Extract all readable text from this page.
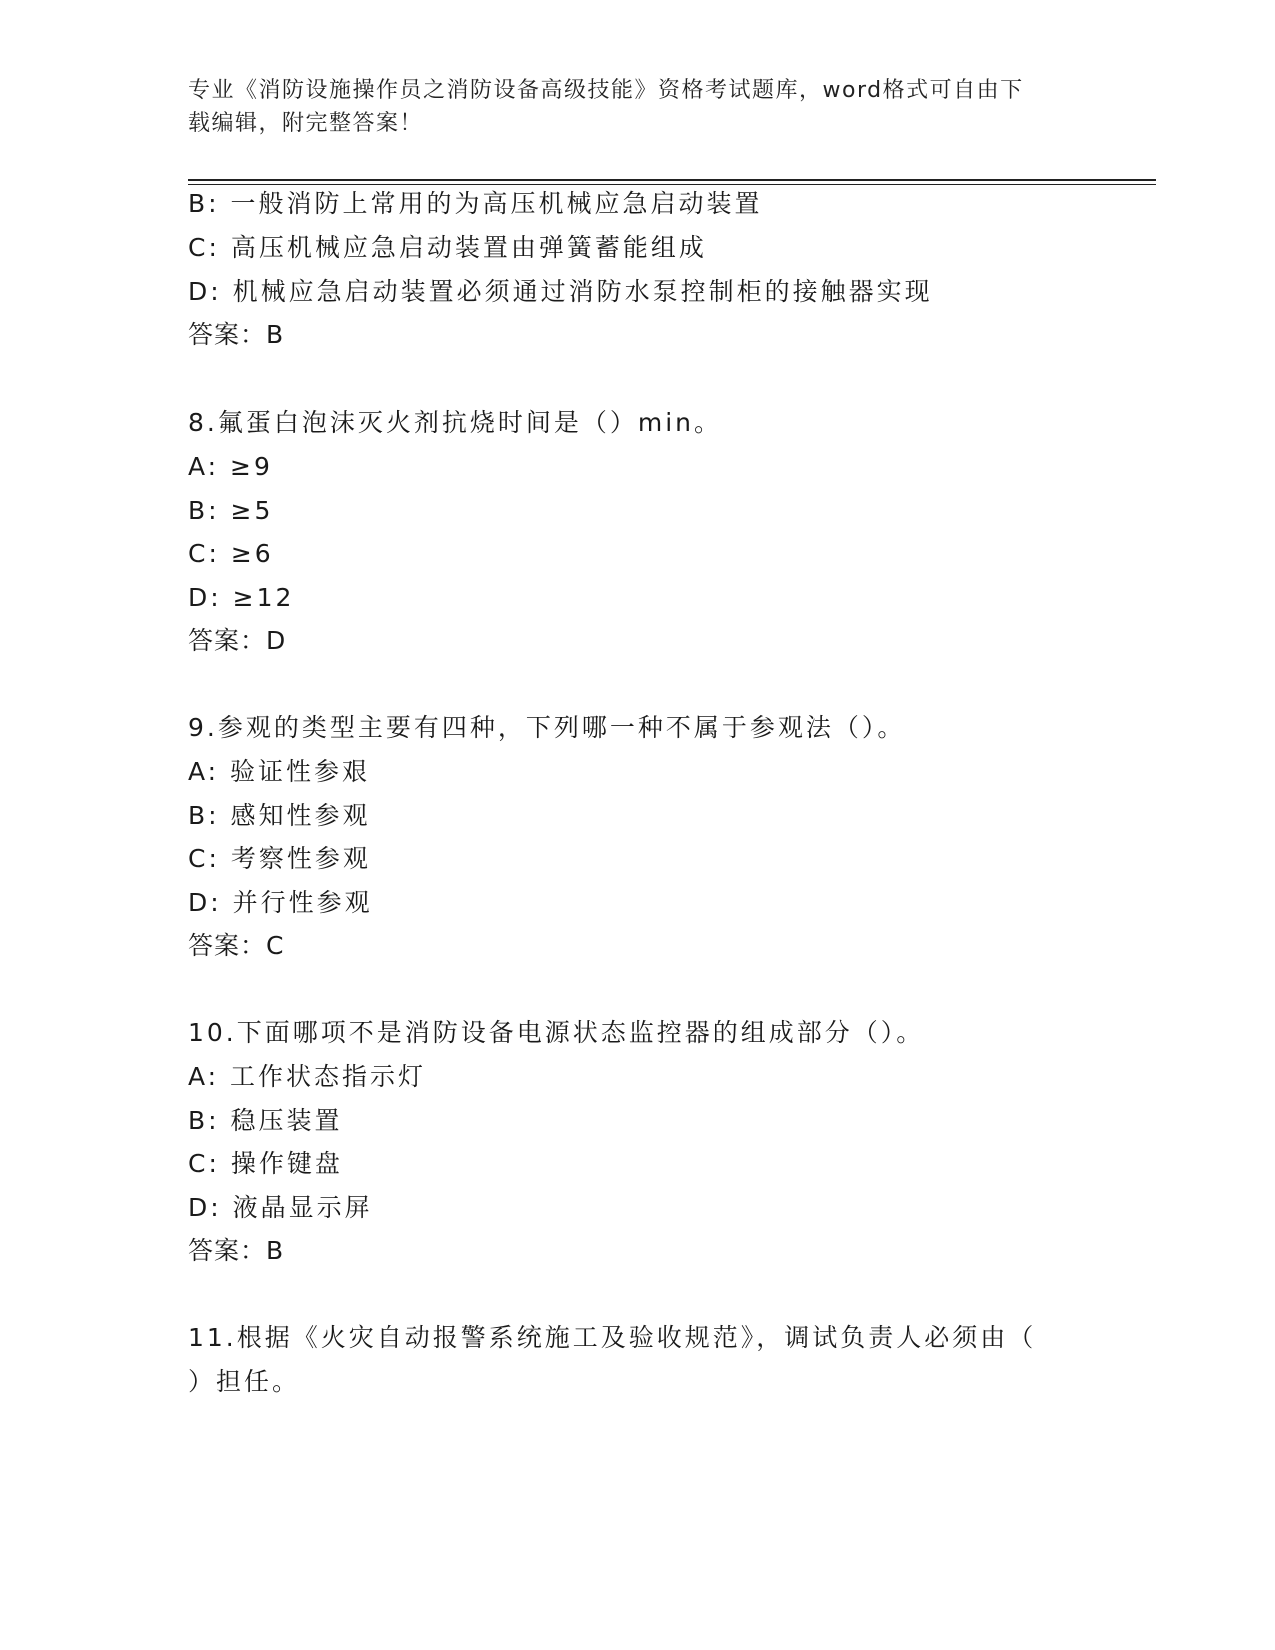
专业《消防设施操作员之消防设备高级技能》资格考试题库，word格式可自由下
载编辑，附完整答案！
B: 一般消防上常用的为高压机械应急启动装置
C: 高压机械应急启动装置由弹簧蓄能组成
D: 机械应急启动装置必须通过消防水泵控制柜的接触器实现
答案：B
8.氟蛋白泡沫灭火剂抗烧时间是（）min。
A: ≥9
B: ≥5
C: ≥6
D: ≥12
答案：D
9.参观的类型主要有四种，下列哪一种不属于参观法（）。
A: 验证性参艰
B: 感知性参观
C: 考察性参观
D: 并行性参观
答案：C
10.下面哪项不是消防设备电源状态监控器的组成部分（）。
A: 工作状态指示灯
B: 稳压装置
C: 操作键盘
D: 液晶显示屏
答案：B
11.根据《火灾自动报警系统施工及验收规范》，调试负责人必须由（
）担任。
